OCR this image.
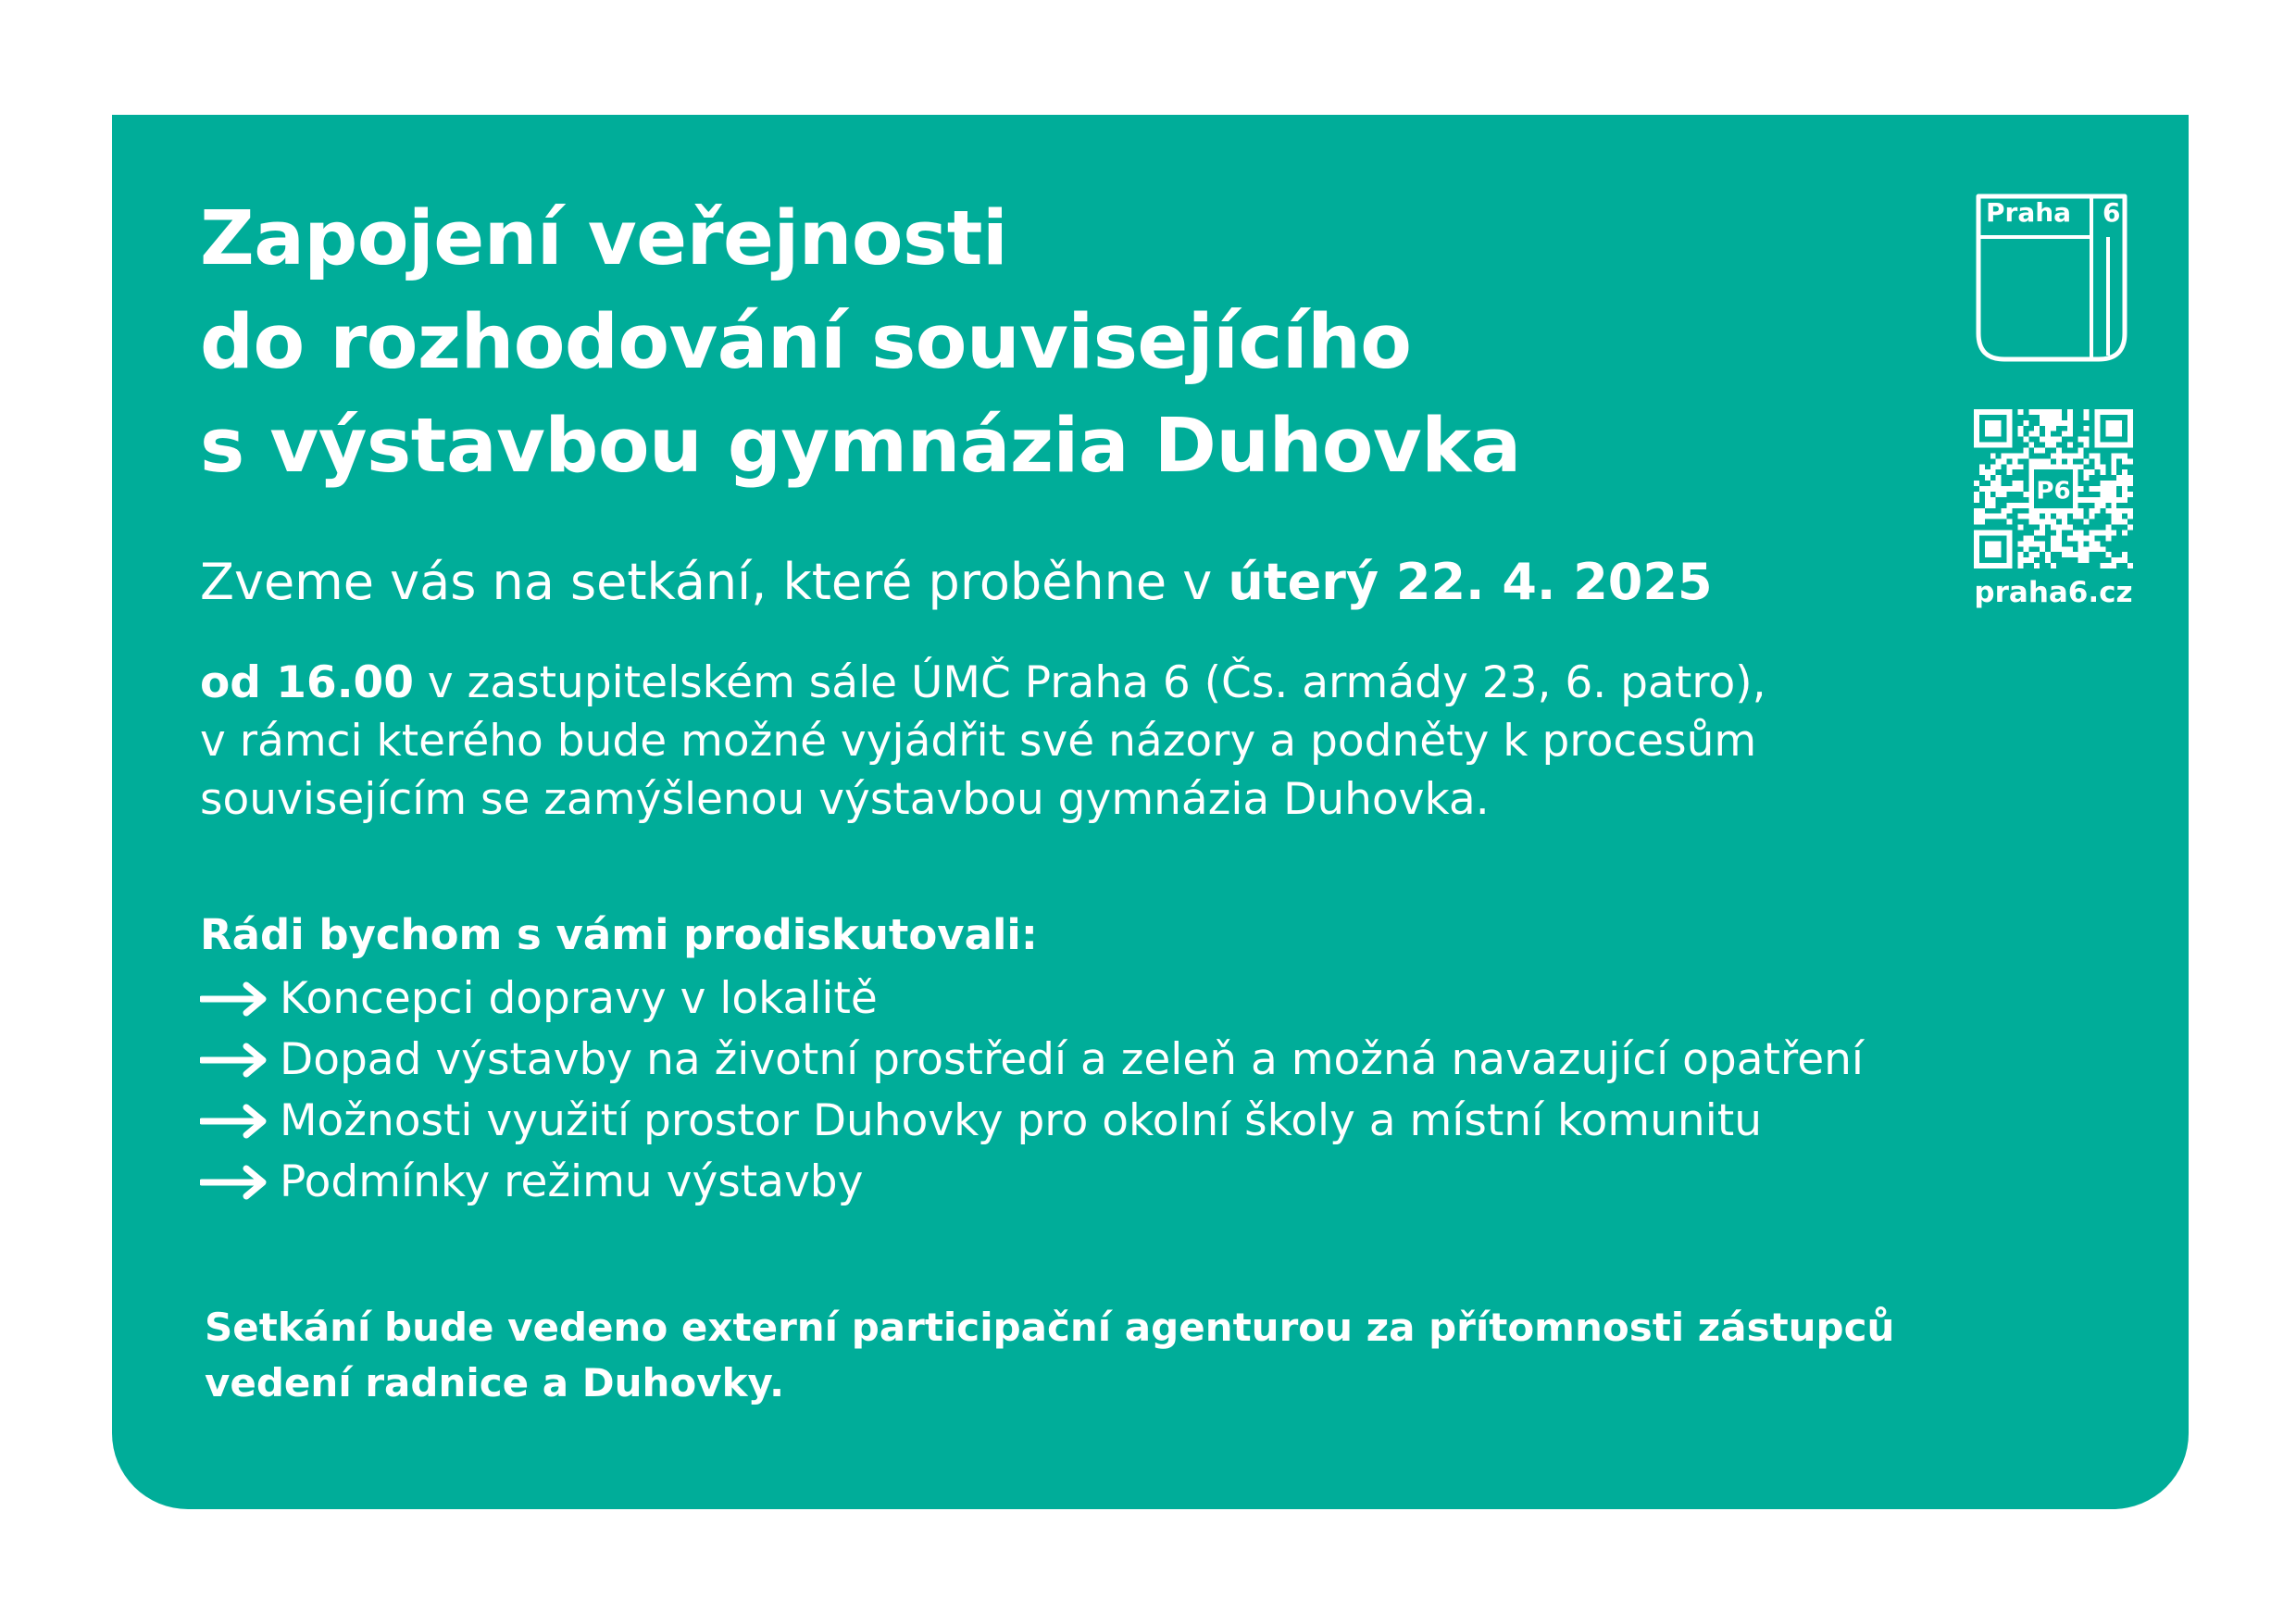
Zapojení veřejnosti
do rozhodování souvisejícího
s výstavbou gymnázia Duhovka

Zveme vás na setkání, které proběhne v úterý 22. 4. 2025

od 16.00 v zastupitelském sále ÚMČ Praha 6 (Čs. armády 23, 6. patro),
v rámci kterého bude možné vyjádřit své názory a podněty k procesům
souvisejícím se zamýšlenou výstavbou gymnázia Duhovka.

Rádi bychom s vámi prodiskutovali:

Koncepci dopravy v lokalitě
Dopad výstavby na životní prostředí a zeleň a možná navazující opatření
Možnosti využití prostor Duhovky pro okolní školy a místní komunitu
Podmínky režimu výstavby

Setkání bude vedeno externí participační agenturou za přítomnosti zástupců
vedení radnice a Duhovky.

Praha 6
P6
praha6.cz
